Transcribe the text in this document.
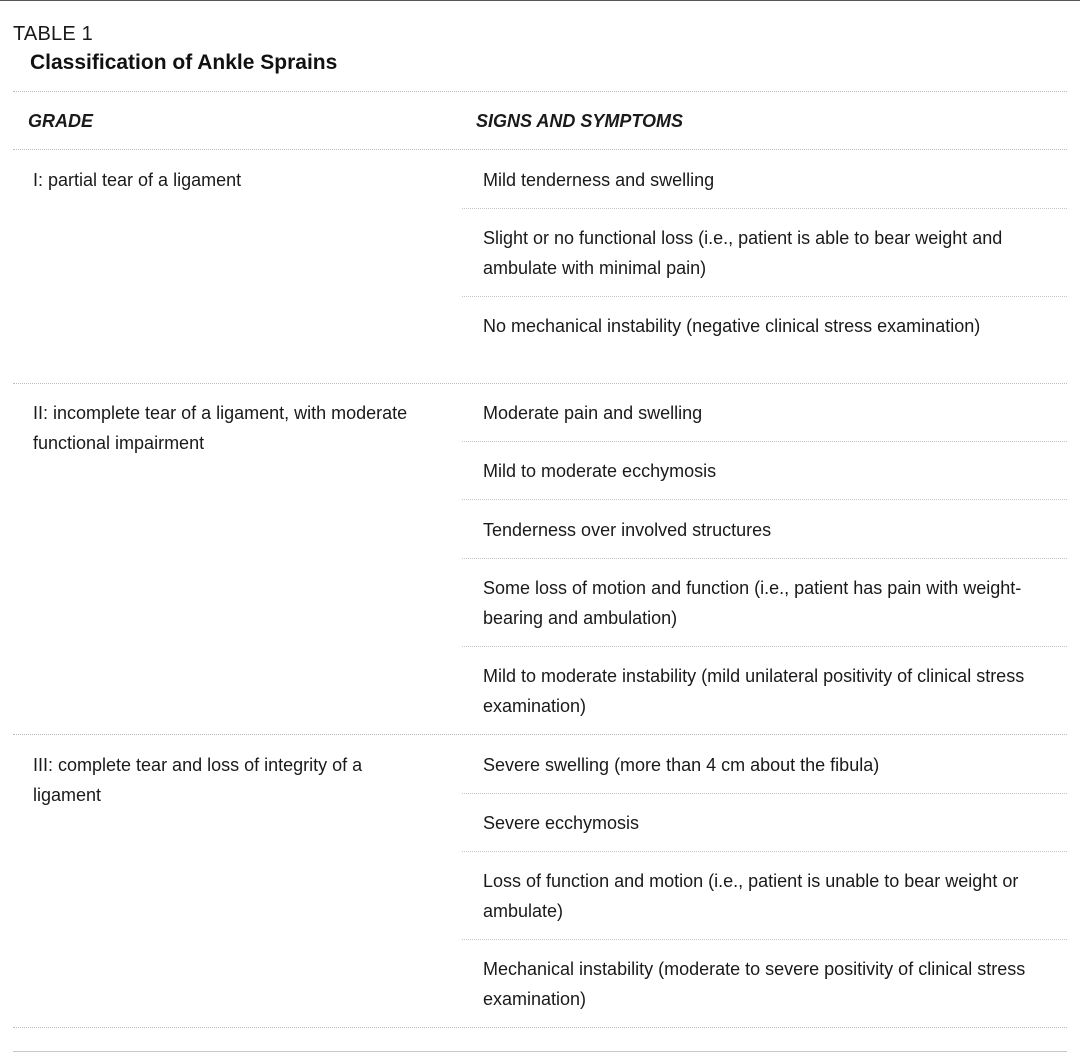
TABLE 1
Classification of Ankle Sprains
GRADE	SIGNS AND SYMPTOMS
I: partial tear of a ligament	Mild tenderness and swelling
Slight or no functional loss (i.e., patient is able to bear weight and ambulate with minimal pain)
No mechanical instability (negative clinical stress examination)
II: incomplete tear of a ligament, with moderate functional impairment
Moderate pain and swelling
Mild to moderate ecchymosis
Tenderness over involved structures
Some loss of motion and function (i.e., patient has pain with weight-bearing and ambulation)
Mild to moderate instability (mild unilateral positivity of clinical stress examination)
III: complete tear and loss of integrity of a ligament
Severe swelling (more than 4 cm about the fibula)
Severe ecchymosis
Loss of function and motion (i.e., patient is unable to bear weight or ambulate)
Mechanical instability (moderate to severe positivity of clinical stress examination)
